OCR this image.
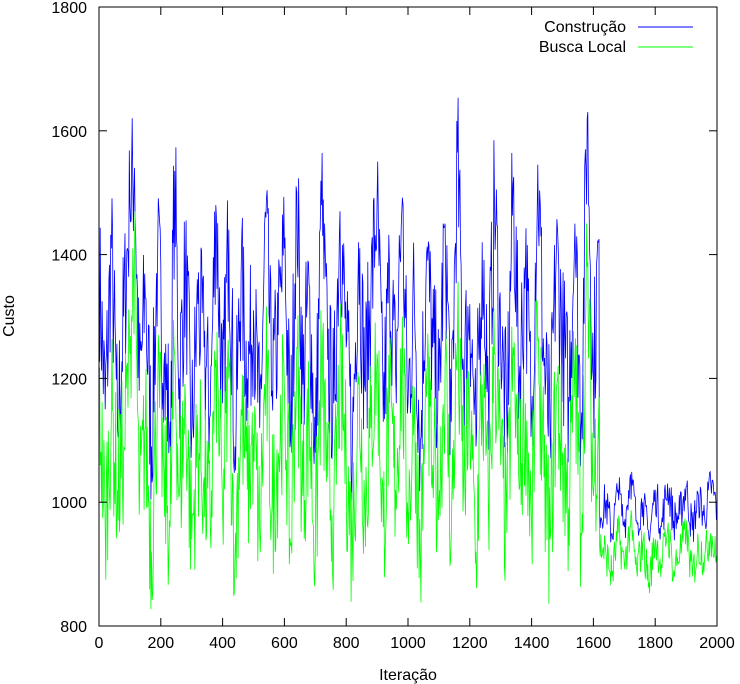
0	200 400 600 800 1000 1200 1400 1600 1800 2000
800
1000
1200
1400
1600
1800
Iteração
Custo
Construção
Busca Local
